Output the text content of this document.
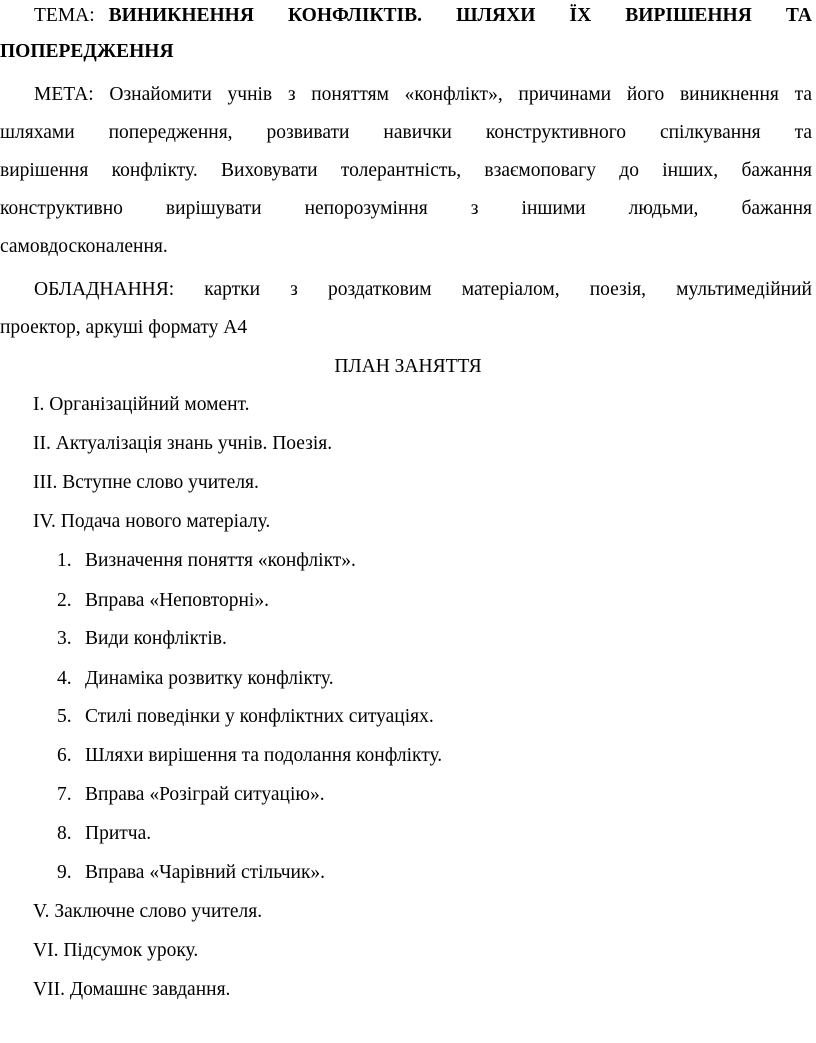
ТЕМА: ВИНИКНЕННЯ КОНФЛІКТІВ. ШЛЯХИ ЇХ ВИРІШЕННЯ ТА
ПОПЕРЕДЖЕННЯ
МЕТА: Ознайомити учнів з поняттям «конфлікт», причинами його виникнення та
шляхами попередження, розвивати навички конструктивного спілкування та
вирішення конфлікту. Виховувати толерантність, взаємоповагу до інших, бажання
конструктивно вирішувати непорозуміння з іншими людьми, бажання
самовдосконалення.
ОБЛАДНАННЯ: картки з роздатковим матеріалом, поезія, мультимедійний
проектор, аркуші формату А4
ПЛАН ЗАНЯТТЯ
I. Організаційний момент.
II. Актуалізація знань учнів. Поезія.
III. Вступне слово учителя.
IV. Подача нового матеріалу.
1. Визначення поняття «конфлікт».
2. Вправа «Неповторні».
3. Види конфліктів.
4. Динаміка розвитку конфлікту.
5. Стилі поведінки у конфліктних ситуаціях.
6. Шляхи вирішення та подолання конфлікту.
7. Вправа «Розіграй ситуацію».
8. Притча.
9. Вправа «Чарівний стільчик».
V. Заключне слово учителя.
VI. Підсумок уроку.
VII. Домашнє завдання.
